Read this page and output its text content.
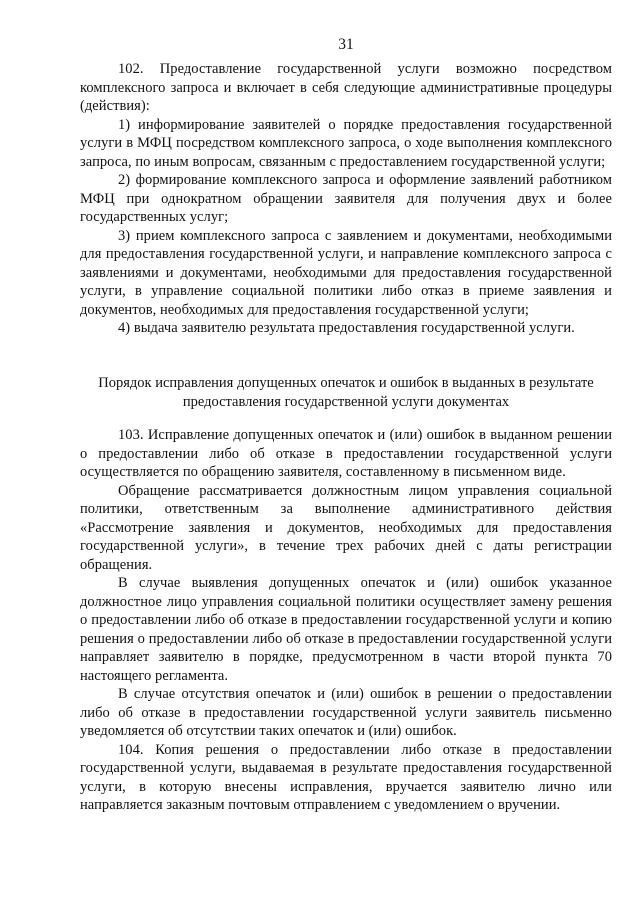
31

102. Предоставление государственной услуги возможно посредством комплексного запроса и включает в себя следующие административные процедуры (действия):

1) информирование заявителей о порядке предоставления государственной услуги в МФЦ посредством комплексного запроса, о ходе выполнения комплексного запроса, по иным вопросам, связанным с предоставлением государственной услуги;

2) формирование комплексного запроса и оформление заявлений работником МФЦ при однократном обращении заявителя для получения двух и более государственных услуг;

3) прием комплексного запроса с заявлением и документами, необходимыми для предоставления государственной услуги, и направление комплексного запроса с заявлениями и документами, необходимыми для предоставления государственной услуги, в управление социальной политики либо отказ в приеме заявления и документов, необходимых для предоставления государственной услуги;

4) выдача заявителю результата предоставления государственной услуги.

Порядок исправления допущенных опечаток и ошибок в выданных в результате предоставления государственной услуги документах

103. Исправление допущенных опечаток и (или) ошибок в выданном решении о предоставлении либо об отказе в предоставлении государственной услуги осуществляется по обращению заявителя, составленному в письменном виде.

Обращение рассматривается должностным лицом управления социальной политики, ответственным за выполнение административного действия «Рассмотрение заявления и документов, необходимых для предоставления государственной услуги», в течение трех рабочих дней с даты регистрации обращения.

В случае выявления допущенных опечаток и (или) ошибок указанное должностное лицо управления социальной политики осуществляет замену решения о предоставлении либо об отказе в предоставлении государственной услуги и копию решения о предоставлении либо об отказе в предоставлении государственной услуги направляет заявителю в порядке, предусмотренном в части второй пункта 70 настоящего регламента.

В случае отсутствия опечаток и (или) ошибок в решении о предоставлении либо об отказе в предоставлении государственной услуги заявитель письменно уведомляется об отсутствии таких опечаток и (или) ошибок.

104. Копия решения о предоставлении либо отказе в предоставлении государственной услуги, выдаваемая в результате предоставления государственной услуги, в которую внесены исправления, вручается заявителю лично или направляется заказным почтовым отправлением с уведомлением о вручении.
